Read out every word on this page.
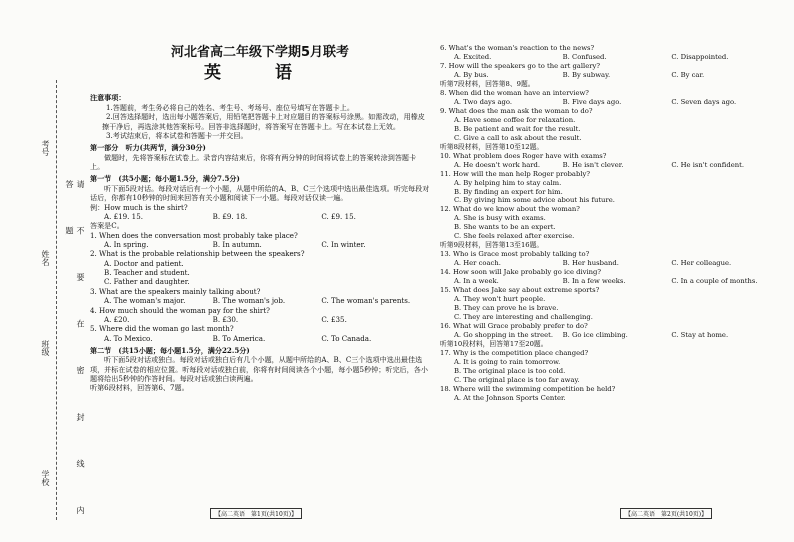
考号
姓名
班级
学校	请 不 要 在 密 封 线 内 答 题
河北省高二年级下学期5月联考
英 语
注意事项：

1.答题前，考生务必将自己的姓名、考生号、考场号、座位号填写在答题卡上。

2.回答选择题时，选出每小题答案后，用铅笔把答题卡上对应题目的答案标号涂黑。如需改动，用橡皮擦干净后，再选涂其他答案标号。回答非选择题时，将答案写在答题卡上。写在本试卷上无效。

3.考试结束后，将本试卷和答题卡一并交回。

第一部分　听力(共两节，满分30分)

做题时，先将答案标在试卷上。录音内容结束后，你将有两分钟的时间将试卷上的答案转涂到答题卡上。

第一节　(共5小题；每小题1.5分，满分7.5分)

听下面5段对话。每段对话后有一个小题，从题中所给的A、B、C三个选项中选出最佳选项。听完每段对话后，你都有10秒钟的时间来回答有关小题和阅读下一小题。每段对话仅读一遍。

例：How much is the shirt?

A. £19. 15.	B. £9. 18.	C. £9. 15.

答案是C。

1. When does the conversation most probably take place?

A. In spring.	B. In autumn.	C. In winter.

2. What is the probable relationship between the speakers?

A. Doctor and patient.
B. Teacher and student.
C. Father and daughter.

3. What are the speakers mainly talking about?

A. The woman's major.	B. The woman's job.	C. The woman's parents.

4. How much should the woman pay for the shirt?

A. £20.	B. £30.	C. £35.

5. Where did the woman go last month?

A. To Mexico.	B. To America.	C. To Canada.
第二节　(共15小题；每小题1.5分，满分22.5分)

听下面5段对话或独白。每段对话或独白后有几个小题，从题中所给的A、B、C三个选项中选出最佳选项，并标在试卷的相应位置。听每段对话或独白前，你将有时间阅读各个小题，每小题5秒钟；听完后，各小题将给出5秒钟的作答时间。每段对话或独白读两遍。

听第6段材料，回答第6、7题。

6. What's the woman's reaction to the news?

A. Excited.	B. Confused.	C. Disappointed.

7. How will the speakers go to the art gallery?

A. By bus.	B. By subway.	C. By car.

听第7段材料，回答第8、9题。

8. When did the woman have an interview?

A. Two days ago.	B. Five days ago.	C. Seven days ago.

9. What does the man ask the woman to do?

A. Have some coffee for relaxation.
B. Be patient and wait for the result.
C. Give a call to ask about the result.

听第8段材料，回答第10至12题。

10. What problem does Roger have with exams?

A. He doesn't work hard.	B. He isn't clever.	C. He isn't confident.

11. How will the man help Roger probably?

A. By helping him to stay calm.
B. By finding an expert for him.
C. By giving him some advice about his future.

12. What do we know about the woman?

A. She is busy with exams.
B. She wants to be an expert.
C. She feels relaxed after exercise.

听第9段材料，回答第13至16题。

13. Who is Grace most probably talking to?

A. Her coach.	B. Her husband.	C. Her colleague.

14. How soon will Jake probably go ice diving?

A. In a week.	B. In a few weeks.	C. In a couple of months.

15. What does Jake say about extreme sports?

A. They won't hurt people.
B. They can prove he is brave.
C. They are interesting and challenging.

16. What will Grace probably prefer to do?

A. Go shopping in the street.	B. Go ice climbing.	C. Stay at home.

听第10段材料，回答第17至20题。

17. Why is the competition place changed?

A. It is going to rain tomorrow.
B. The original place is too cold.
C. The original place is too far away.

18. Where will the swimming competition be held?

A. At the Johnson Sports Center.
【高二英语　第1页(共10页)】	【高二英语　第2页(共10页)】
